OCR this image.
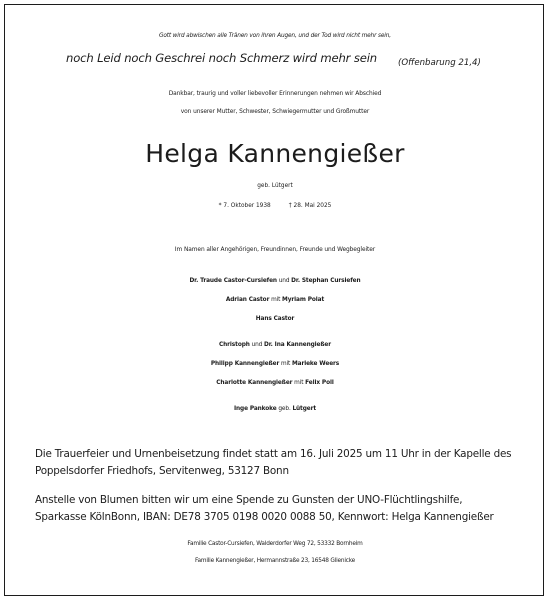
Gott wird abwischen alle Tränen von ihren Augen, und der Tod wird nicht mehr sein,
noch Leid noch Geschrei noch Schmerz wird mehr sein (Offenbarung 21,4)
Dankbar, traurig und voller liebevoller Erinnerungen nehmen wir Abschied
von unserer Mutter, Schwester, Schwiegermutter und Großmutter
Helga Kannengießer
geb. Lütgert
* 7. Oktober 1938	† 28. Mai 2025
Im Namen aller Angehörigen, Freundinnen, Freunde und Wegbegleiter
Dr. Traude Castor-Cursiefen und Dr. Stephan Cursiefen
Adrian Castor mit Myriam Polat
Hans Castor
Christoph und Dr. Ina Kannengießer
Philipp Kannengießer mit Marieke Weers
Charlotte Kannengießer mit Felix Poll
Inge Pankoke geb. Lütgert
Die Trauerfeier und Urnenbeisetzung findet statt am 16. Juli 2025 um 11 Uhr in der Kapelle des
Poppelsdorfer Friedhofs, Servitenweg, 53127 Bonn
Anstelle von Blumen bitten wir um eine Spende zu Gunsten der UNO-Flüchtlingshilfe,
Sparkasse KölnBonn, IBAN: DE78 3705 0198 0020 0088 50, Kennwort: Helga Kannengießer
Familie Castor-Cursiefen, Walderdorfer Weg 72, 53332 Bornheim
Familie Kannengießer, Hermannstraße 23, 16548 Glienicke
